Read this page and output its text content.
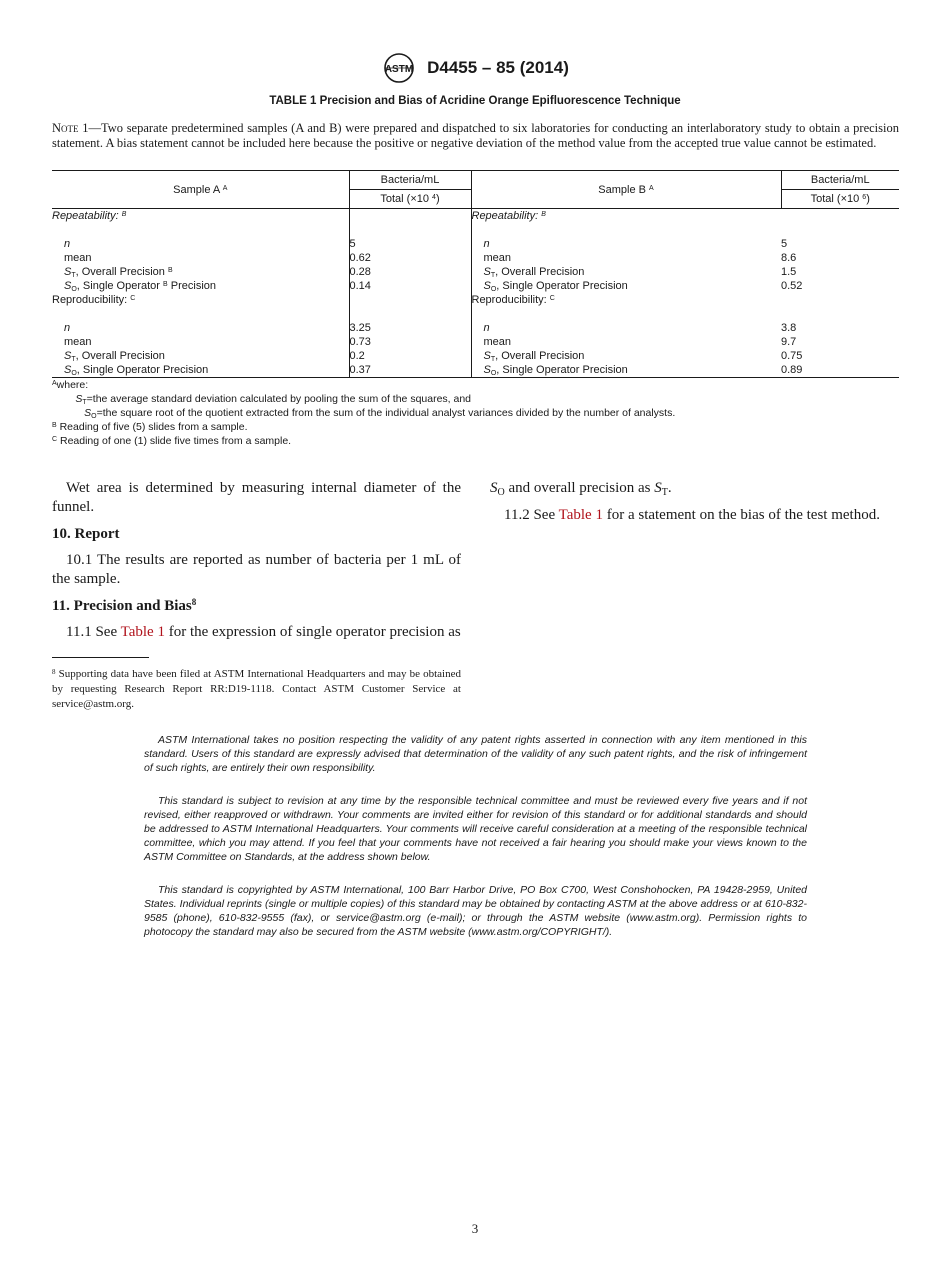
ASTM D4455 – 85 (2014)
TABLE 1 Precision and Bias of Acridine Orange Epifluorescence Technique
Note 1—Two separate predetermined samples (A and B) were prepared and dispatched to six laboratories for conducting an interlaboratory study to obtain a precision statement. A bias statement cannot be included here because the positive or negative deviation of the method value from the accepted true value cannot be estimated.
Sample A $^A$	Bacteria/mL	Sample B $^A$	Bacteria/mL
	Total (×10 $^4$)		Total (×10 $^6$)
Repeatability: $^B$		Repeatability: $^B$	

n	5	n	5
mean	0.62	mean	8.6
$S_T$, Overall Precision $^B$	0.28	$S_T$, Overall Precision	1.5
$S_O$, Single Operator $^B$ Precision	0.14	$S_O$, Single Operator Precision	0.52
Reproducibility: $^C$		Reproducibility: $^C$	

n	3.25	n	3.8
mean	0.73	mean	9.7
$S_T$, Overall Precision	0.2	$S_T$, Overall Precision	0.75
$S_O$, Single Operator Precision	0.37	$S_O$, Single Operator Precision	0.89

$^A$where:

$S_T=the$ average standard deviation calculated by pooling the sum of the squares, and

$S_O=the$ square root of the quotient extracted from the sum of the individual analyst variances divided by the number of analysts.

$^B$ Reading of five (5) slides from a sample.

$^C$ Reading of one (1) slide five times from a sample.

Wet area is determined by measuring internal diameter of the funnel.

10. Report

10.1 The results are reported as number of bacteria per 1 mL of the sample.

11. Precision and Bias$^8$

11.1 See Table 1 for the expression of single operator precision as

$S_O$ and overall precision as $S_T$.

11.2 See Table 1 for a statement on the bias of the test method.

$^8$ Supporting data have been filed at ASTM International Headquarters and may be obtained by requesting Research Report RR:D19-1118. Contact ASTM Customer Service at service@astm.org.

ASTM International takes no position respecting the validity of any patent rights asserted in connection with any item mentioned in this standard. Users of this standard are expressly advised that determination of the validity of any such patent rights, and the risk of infringement of such rights, are entirely their own responsibility.

This standard is subject to revision at any time by the responsible technical committee and must be reviewed every five years and if not revised, either reapproved or withdrawn. Your comments are invited either for revision of this standard or for additional standards and should be addressed to ASTM International Headquarters. Your comments will receive careful consideration at a meeting of the responsible technical committee, which you may attend. If you feel that your comments have not received a fair hearing you should make your views known to the ASTM Committee on Standards, at the address shown below.

This standard is copyrighted by ASTM International, 100 Barr Harbor Drive, PO Box C700, West Conshohocken, PA 19428-2959, United States. Individual reprints (single or multiple copies) of this standard may be obtained by contacting ASTM at the above address or at 610-832-9585 (phone), 610-832-9555 (fax), or service@astm.org (e-mail); or through the ASTM website (www.astm.org). Permission rights to photocopy the standard may also be secured from the ASTM website (www.astm.org/COPYRIGHT/).

3
